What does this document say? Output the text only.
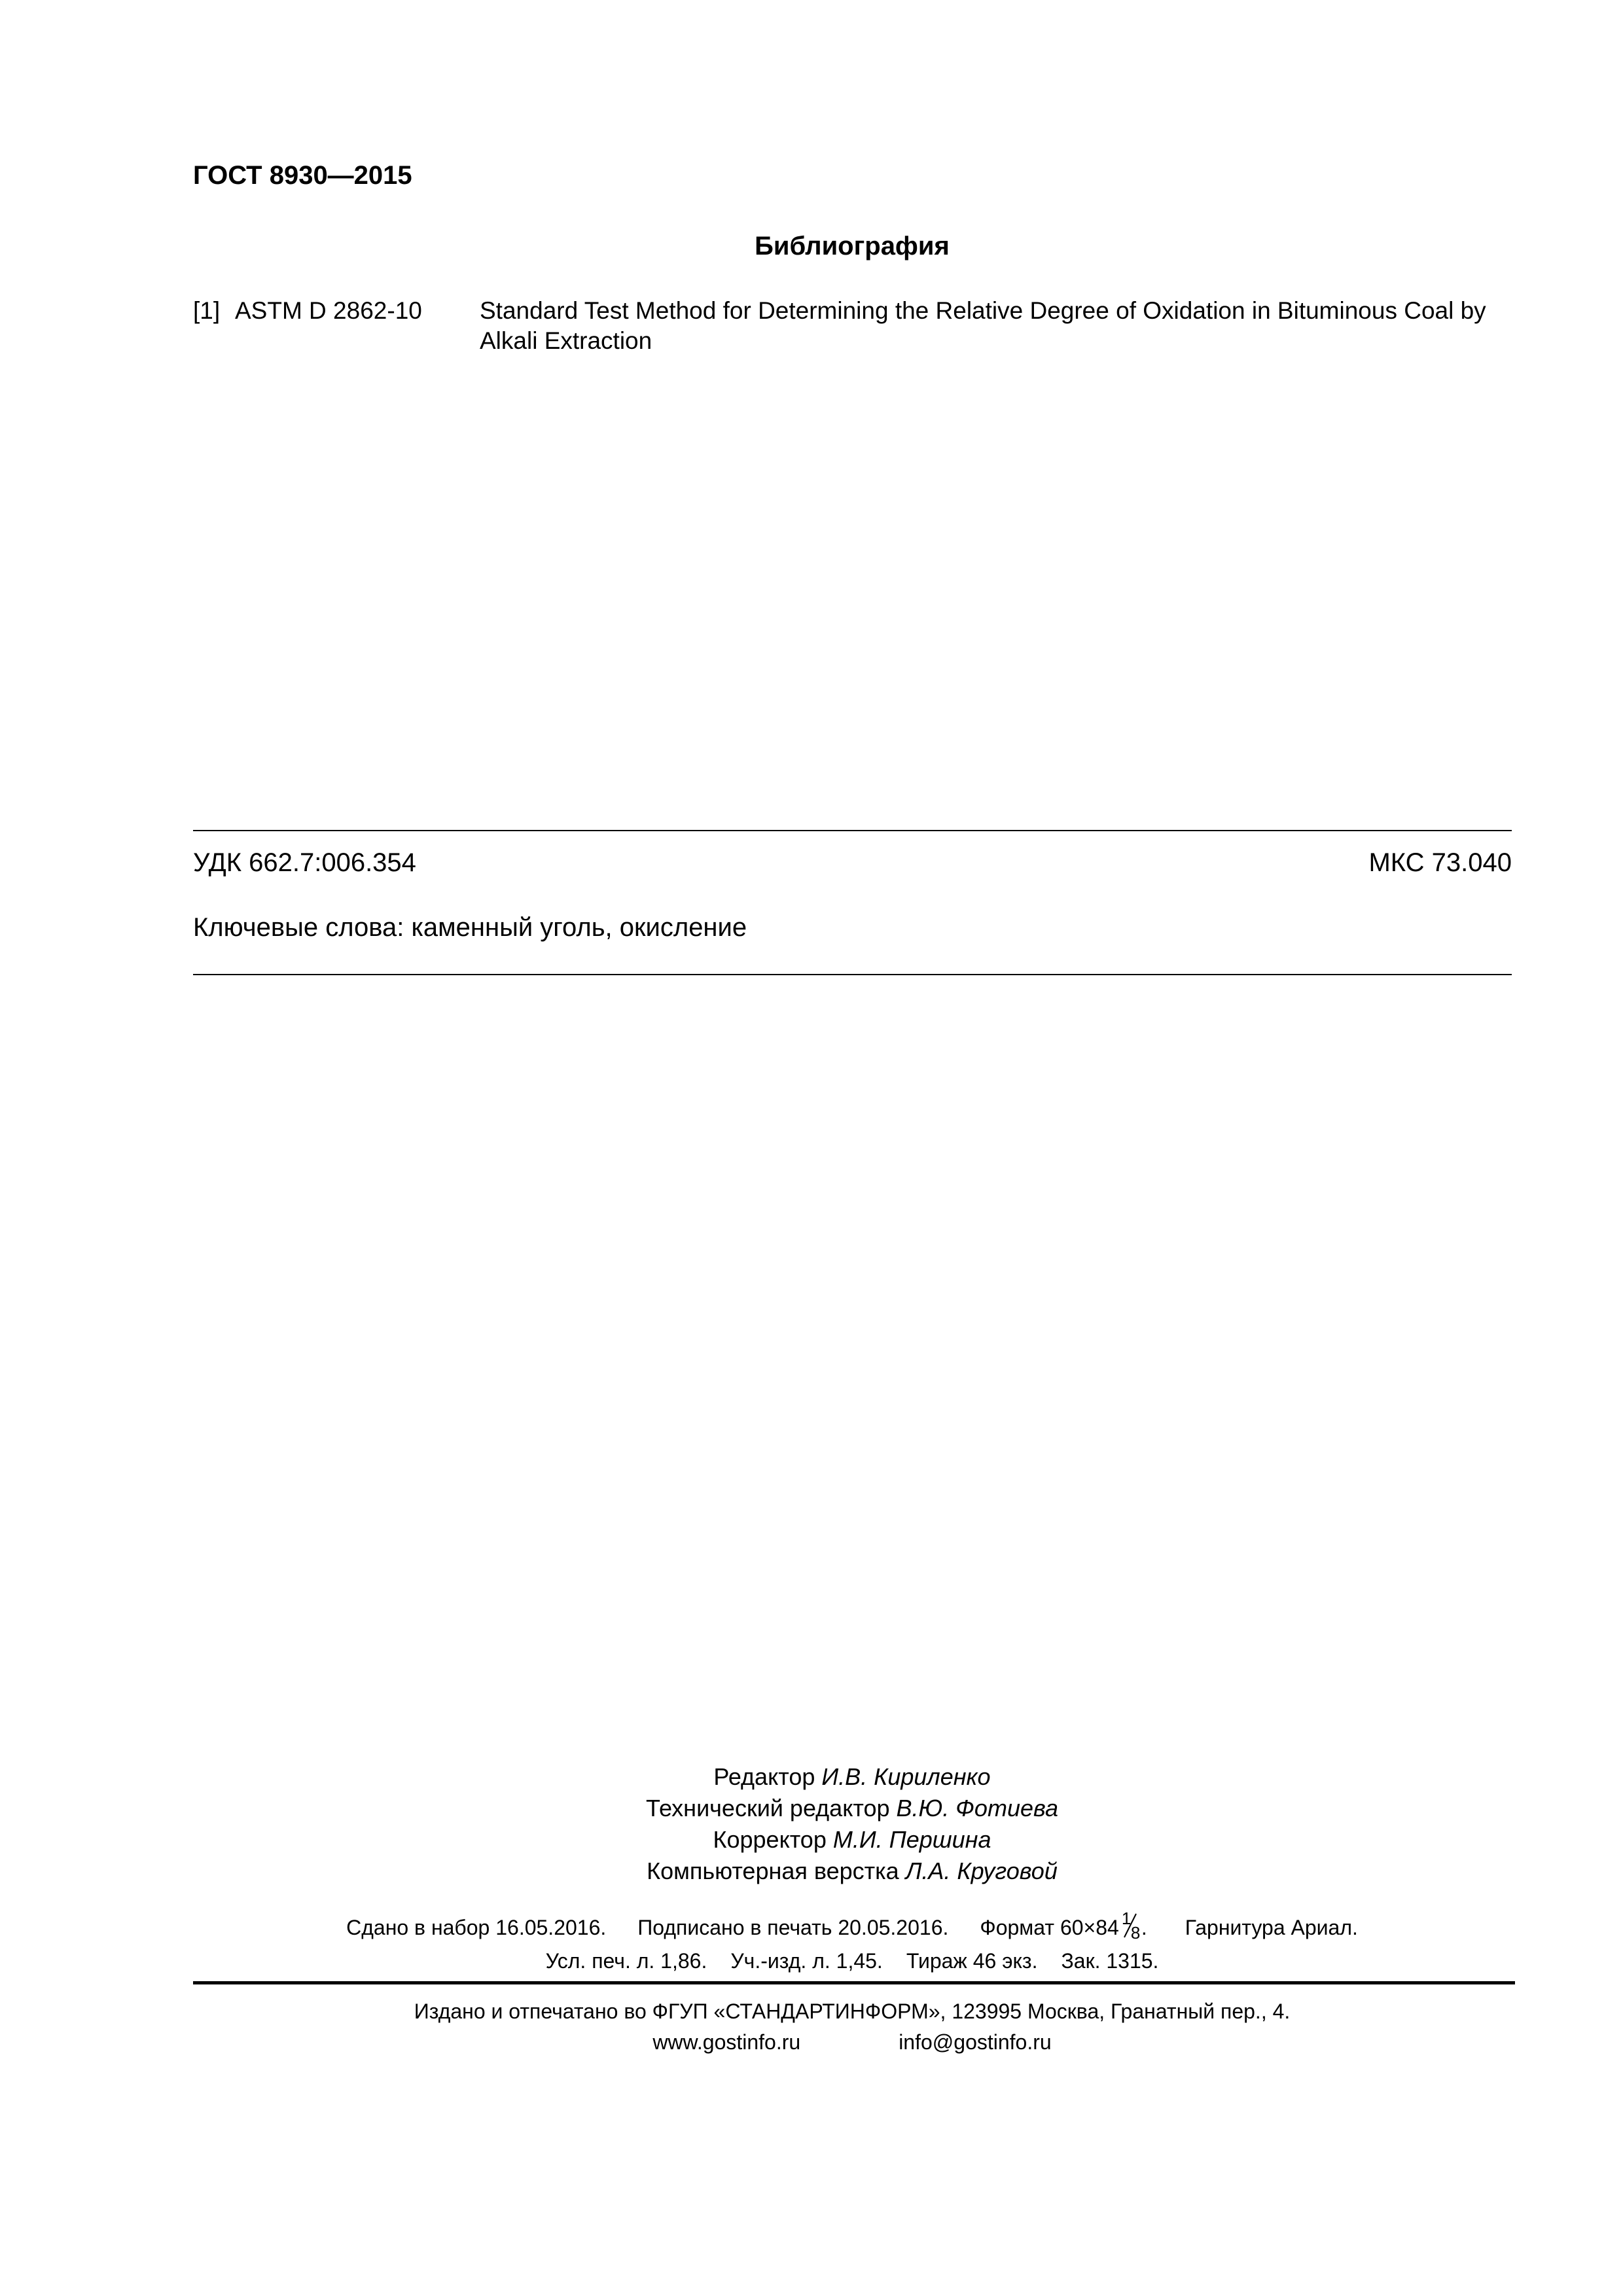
ГОСТ 8930—2015
Библиография
[1] ASTM D 2862-10 Standard Test Method for Determining the Relative Degree of Oxidation in Bituminous Coal by Alkali Extraction
УДК 662.7:006.354	МКС 73.040
Ключевые слова: каменный уголь, окисление
Редактор И.В. Кириленко
Технический редактор В.Ю. Фотиева
Корректор М.И. Першина
Компьютерная верстка Л.А. Круговой
Сдано в набор 16.05.2016. Подписано в печать 20.05.2016. Формат 60×84 1
8 . Гарнитура Ариал.
Усл. печ. л. 1,86. Уч.-изд. л. 1,45. Тираж 46 экз. Зак. 1315.
Издано и отпечатано во ФГУП «СТАНДАРТИНФОРМ», 123995 Москва, Гранатный пер., 4.
www.gostinfo.ru	info@gostinfo.ru
